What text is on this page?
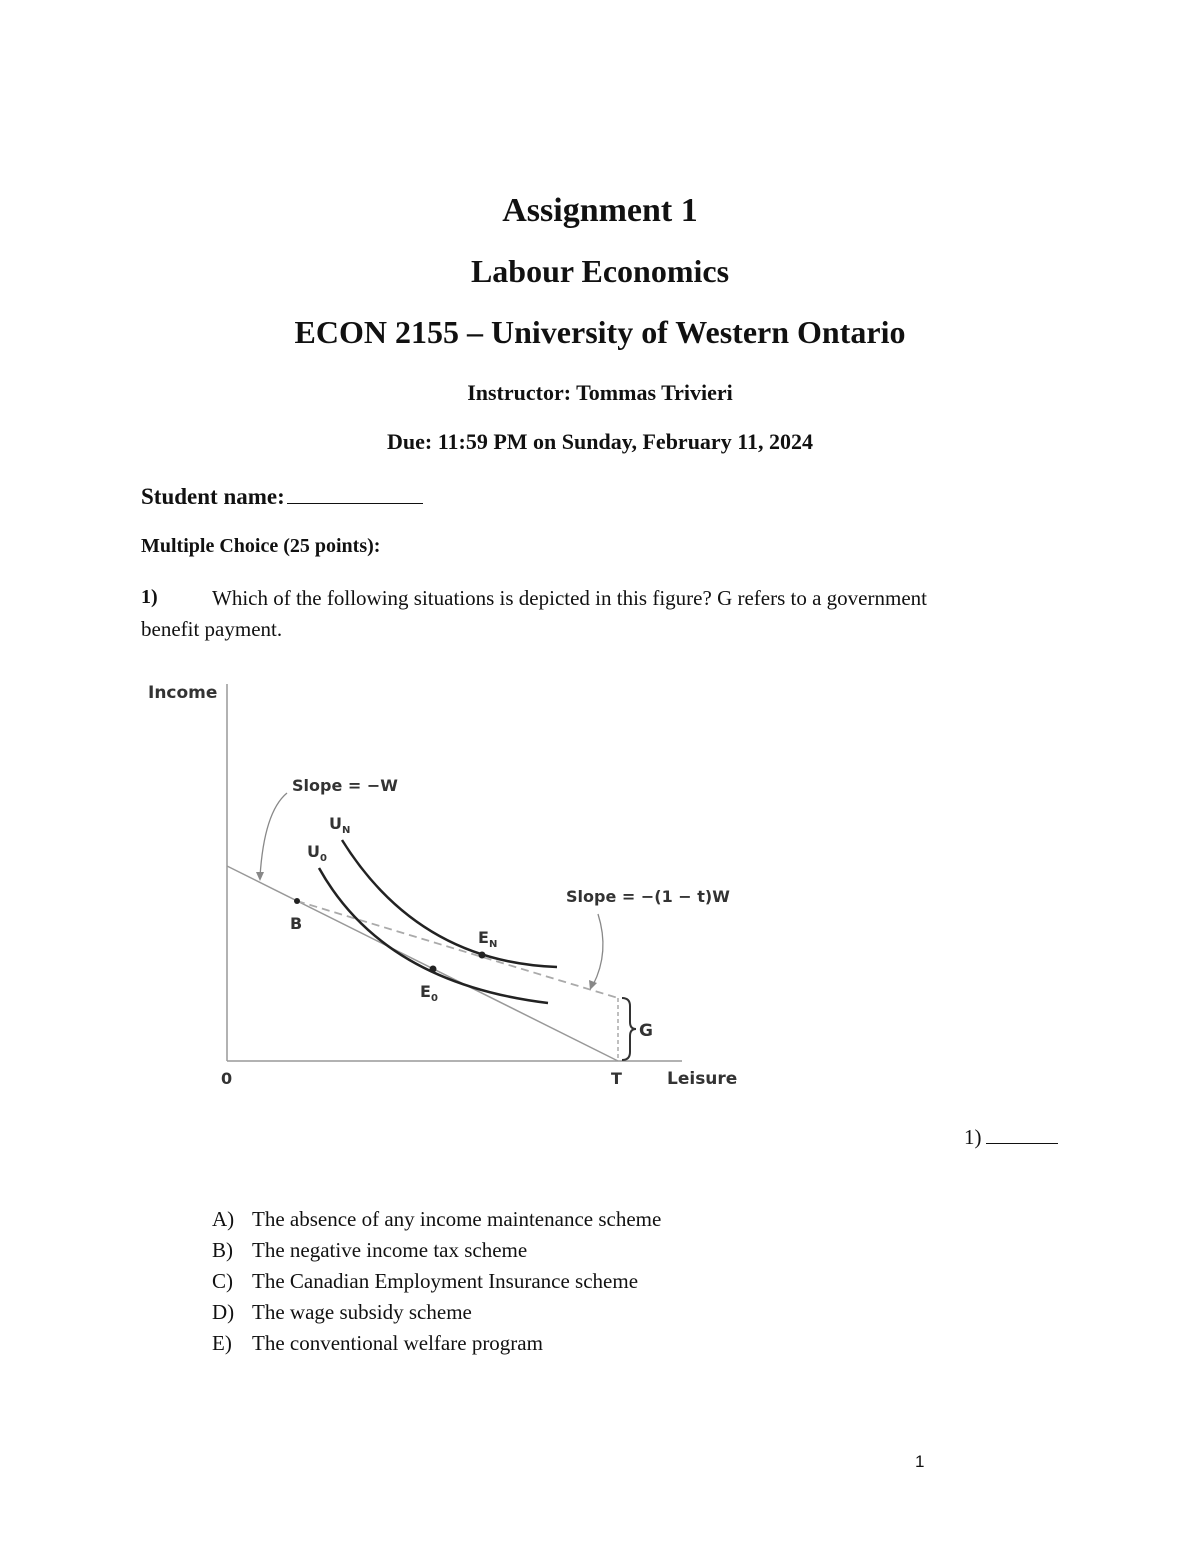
Assignment 1
Labour Economics
ECON 2155 – University of Western Ontario
Instructor: Tommas Trivieri
Due: 11:59 PM on Sunday, February 11, 2024
Student name:
Multiple Choice (25 points):
1)	Which of the following situations is depicted in this figure? G refers to a government
benefit payment.
Income
Leisure
0	T
Slope = −W
Slope = −(1 − t)W
$U_N$
$U_0$
B
$E_N$
$E_0$
G
1)
A) The absence of any income maintenance scheme
B) The negative income tax scheme
C) The Canadian Employment Insurance scheme
D) The wage subsidy scheme
E) The conventional welfare program
1
